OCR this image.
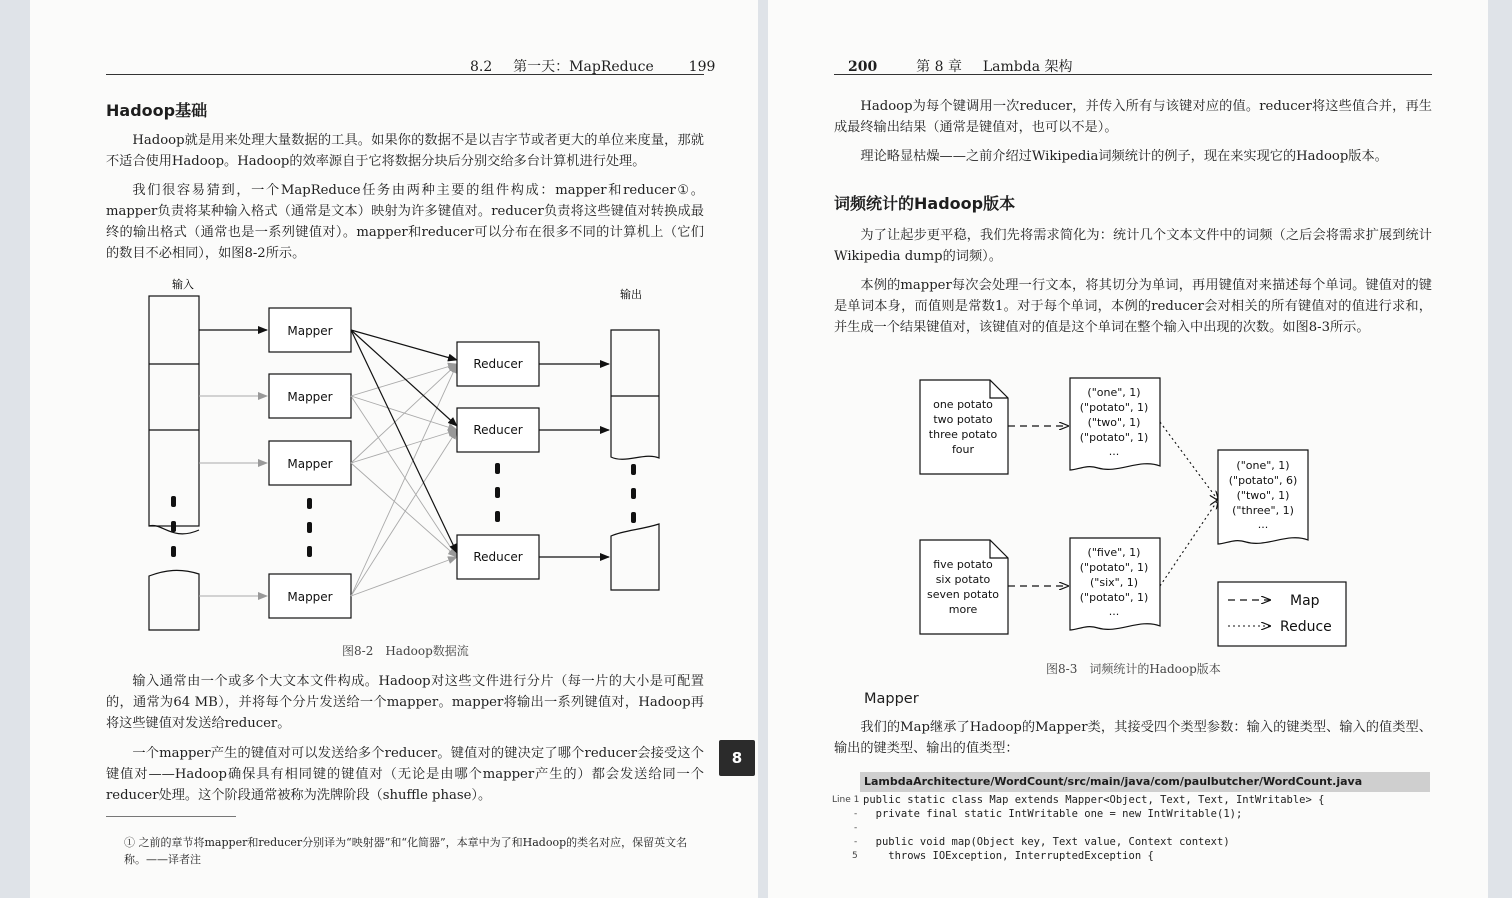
8.2 第一天：MapReduce 199
Hadoop基础
Hadoop就是用来处理大量数据的工具。如果你的数据不是以吉字节或者更大的单位来度量，那就不适合使用Hadoop。Hadoop的效率源自于它将数据分块后分别交给多台计算机进行处理。
我们很容易猜到，一个MapReduce任务由两种主要的组件构成：mapper和reducer①。mapper负责将某种输入格式（通常是文本）映射为许多键值对。reducer负责将这些键值对转换成最终的输出格式（通常也是一系列键值对）。mapper和reducer可以分布在很多不同的计算机上（它们的数目不必相同），如图8-2所示。
输入
输出
Mapper
Mapper
Mapper
Mapper
Reducer
Reducer
Reducer
图8-2　Hadoop数据流
输入通常由一个或多个大文本文件构成。Hadoop对这些文件进行分片（每一片的大小是可配置的，通常为64 MB），并将每个分片发送给一个mapper。mapper将输出一系列键值对，Hadoop再将这些键值对发送给reducer。
一个mapper产生的键值对可以发送给多个reducer。键值对的键决定了哪个reducer会接受这个键值对——Hadoop确保具有相同键的键值对（无论是由哪个mapper产生的）都会发送给同一个reducer处理。这个阶段通常被称为洗牌阶段（shuffle phase）。
① 之前的章节将mapper和reducer分别译为“映射器”和“化简器”，本章中为了和Hadoop的类名对应，保留英文名称。——译者注
8
200	第 8 章 Lambda 架构
Hadoop为每个键调用一次reducer，并传入所有与该键对应的值。reducer将这些值合并，再生成最终输出结果（通常是键值对，也可以不是）。
理论略显枯燥——之前介绍过Wikipedia词频统计的例子，现在来实现它的Hadoop版本。
词频统计的Hadoop版本
为了让起步更平稳，我们先将需求简化为：统计几个文本文件中的词频（之后会将需求扩展到统计Wikipedia dump的词频）。
本例的mapper每次会处理一行文本，将其切分为单词，再用键值对来描述每个单词。键值对的键是单词本身，而值则是常数1。对于每个单词，本例的reducer会对相关的所有键值对的值进行求和，并生成一个结果键值对，该键值对的值是这个单词在整个输入中出现的次数。如图8-3所示。
one potato
two potato
three potato
four
five potato
six potato
seven potato
more
("one", 1)
("potato", 1)
("two", 1)
("potato", 1)
...
("five", 1)
("potato", 1)
("six", 1)
("potato", 1)
...
("one", 1)
("potato", 6)
("two", 1)
("three", 1)
...
Map
Reduce
图8-3　词频统计的Hadoop版本
Mapper
我们的Map继承了Hadoop的Mapper类，其接受四个类型参数：输入的键类型、输入的值类型、输出的键类型、输出的值类型：
LambdaArchitecture/WordCount/src/main/java/com/paulbutcher/WordCount.java
Line 1
-
-
-
5
public static class Map extends Mapper<Object, Text, Text, IntWritable> {
private final static IntWritable one = new IntWritable(1);
public void map(Object key, Text value, Context context)
throws IOException, InterruptedException {
